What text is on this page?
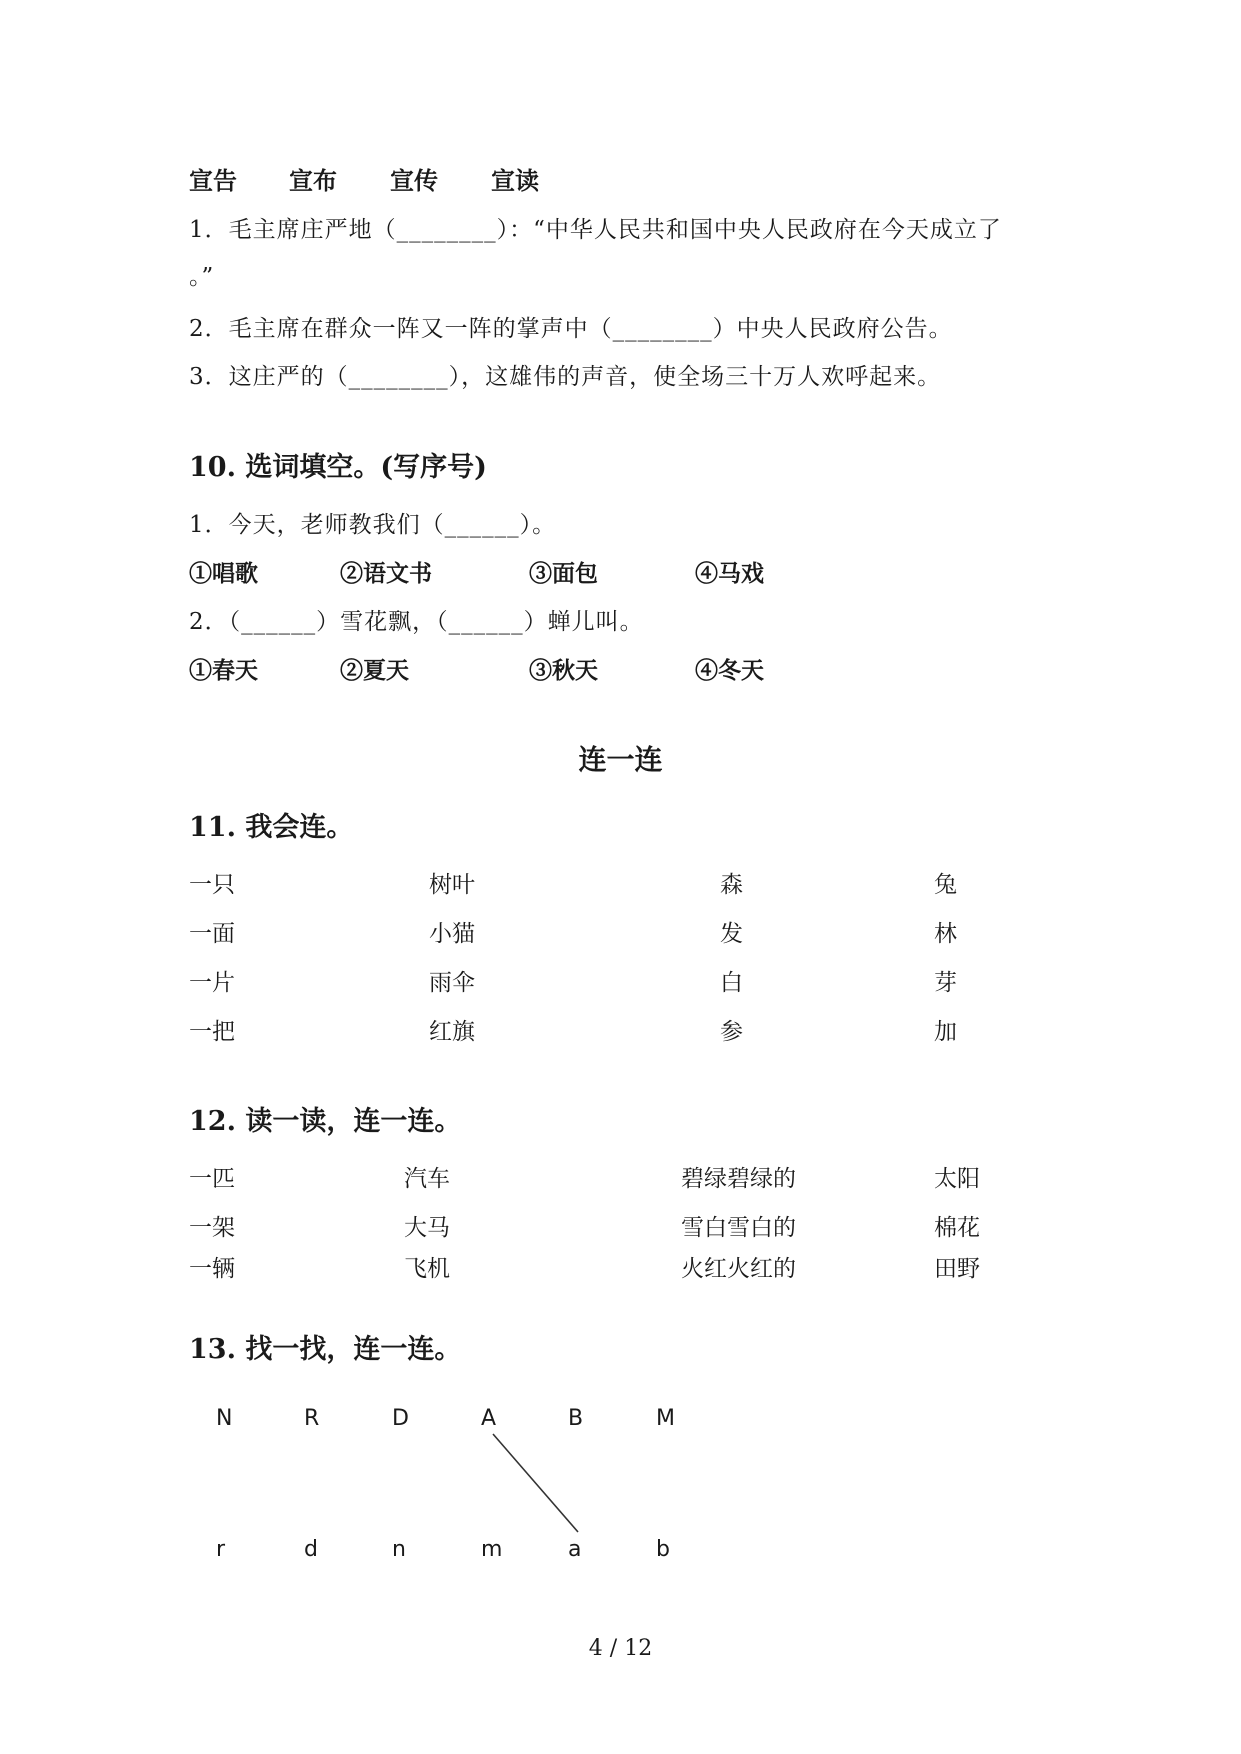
宣告 宣布 宣传 宣读
1．毛主席庄严地（________）：“中华人民共和国中央人民政府在今天成立了
。”
2．毛主席在群众一阵又一阵的掌声中（________）中央人民政府公告。
3．这庄严的（________），这雄伟的声音，使全场三十万人欢呼起来。
10. 选词填空。(写序号)
1．今天，老师教我们（______）。
①唱歌	②语文书	③面包	④马戏
2．（______）雪花飘，（______）蝉儿叫。
①春天	②夏天	③秋天	④冬天
连一连
11. 我会连。
一只	树叶	森	兔
一面	小猫	发	林
一片	雨伞	白	芽
一把	红旗	参	加
12. 读一读，连一连。
一匹	汽车	碧绿碧绿的	太阳
一架	大马	雪白雪白的	棉花
一辆	飞机	火红火红的	田野
13. 找一找，连一连。
N	R	D	A	B	M
r	d	n	m	a	b
4 / 12
